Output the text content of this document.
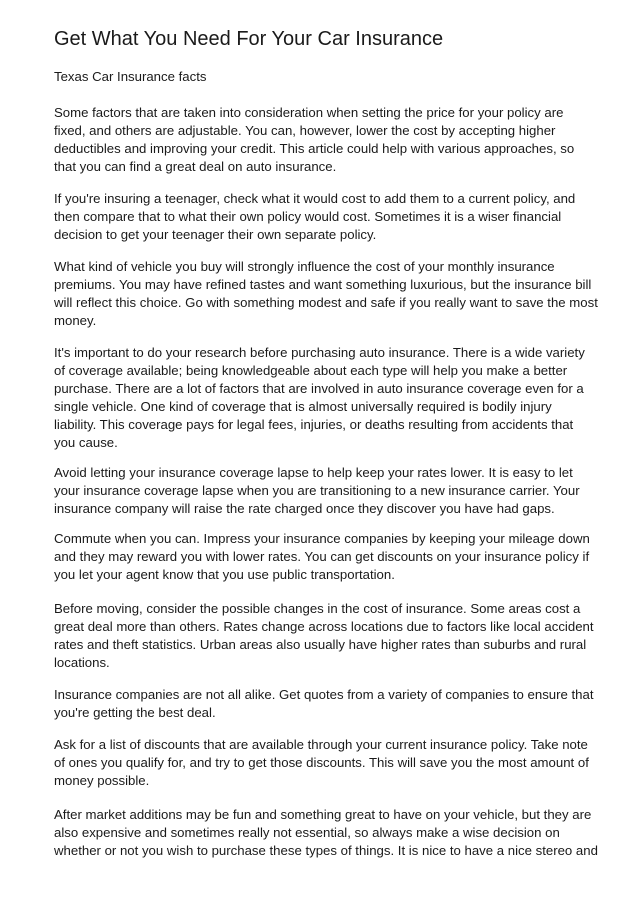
Get What You Need For Your Car Insurance

Texas Car Insurance facts

Some factors that are taken into consideration when setting the price for your policy are
fixed, and others are adjustable. You can, however, lower the cost by accepting higher
deductibles and improving your credit. This article could help with various approaches, so
that you can find a great deal on auto insurance.

If you're insuring a teenager, check what it would cost to add them to a current policy, and
then compare that to what their own policy would cost. Sometimes it is a wiser financial
decision to get your teenager their own separate policy.

What kind of vehicle you buy will strongly influence the cost of your monthly insurance
premiums. You may have refined tastes and want something luxurious, but the insurance bill
will reflect this choice. Go with something modest and safe if you really want to save the most
money.

It's important to do your research before purchasing auto insurance. There is a wide variety
of coverage available; being knowledgeable about each type will help you make a better
purchase. There are a lot of factors that are involved in auto insurance coverage even for a
single vehicle. One kind of coverage that is almost universally required is bodily injury
liability. This coverage pays for legal fees, injuries, or deaths resulting from accidents that
you cause.

Avoid letting your insurance coverage lapse to help keep your rates lower. It is easy to let
your insurance coverage lapse when you are transitioning to a new insurance carrier. Your
insurance company will raise the rate charged once they discover you have had gaps.

Commute when you can. Impress your insurance companies by keeping your mileage down
and they may reward you with lower rates. You can get discounts on your insurance policy if
you let your agent know that you use public transportation.

Before moving, consider the possible changes in the cost of insurance. Some areas cost a
great deal more than others. Rates change across locations due to factors like local accident
rates and theft statistics. Urban areas also usually have higher rates than suburbs and rural
locations.

Insurance companies are not all alike. Get quotes from a variety of companies to ensure that
you're getting the best deal.

Ask for a list of discounts that are available through your current insurance policy. Take note
of ones you qualify for, and try to get those discounts. This will save you the most amount of
money possible.

After market additions may be fun and something great to have on your vehicle, but they are
also expensive and sometimes really not essential, so always make a wise decision on
whether or not you wish to purchase these types of things. It is nice to have a nice stereo and
